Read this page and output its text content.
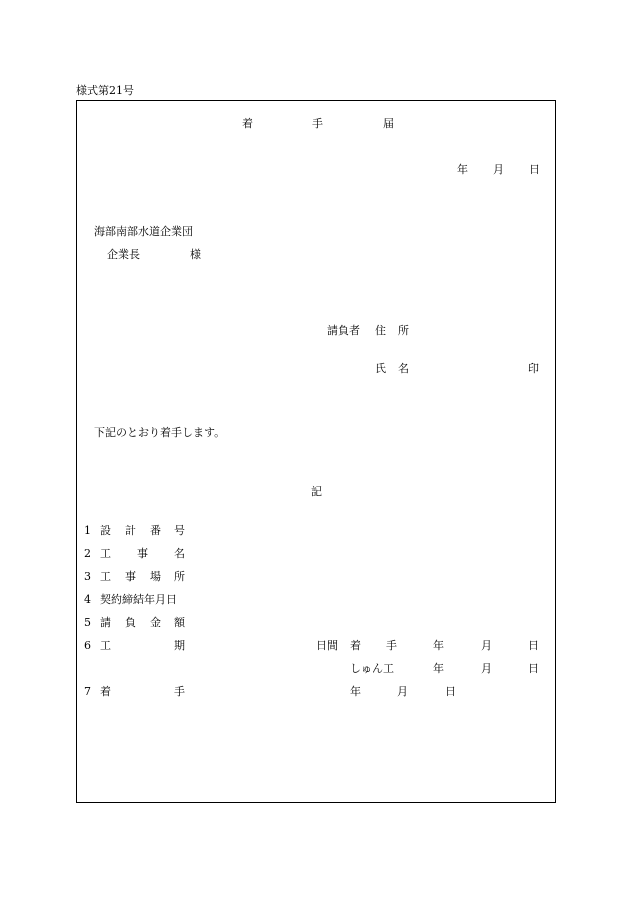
様式第21号
着	手	届
年 月 日
海部南部水道企業団
企業長	様
請負者 住 所
氏 名	印
下記のとおり着手します。
記
1 設 計 番 号
2 工 事 名
3 工 事 場 所
4 契約締結年月日
5 請 負 金 額
6 工	期	日間 着 手	年	月	日
しゅん工	年	月	日
7 着	手	年	月	日
